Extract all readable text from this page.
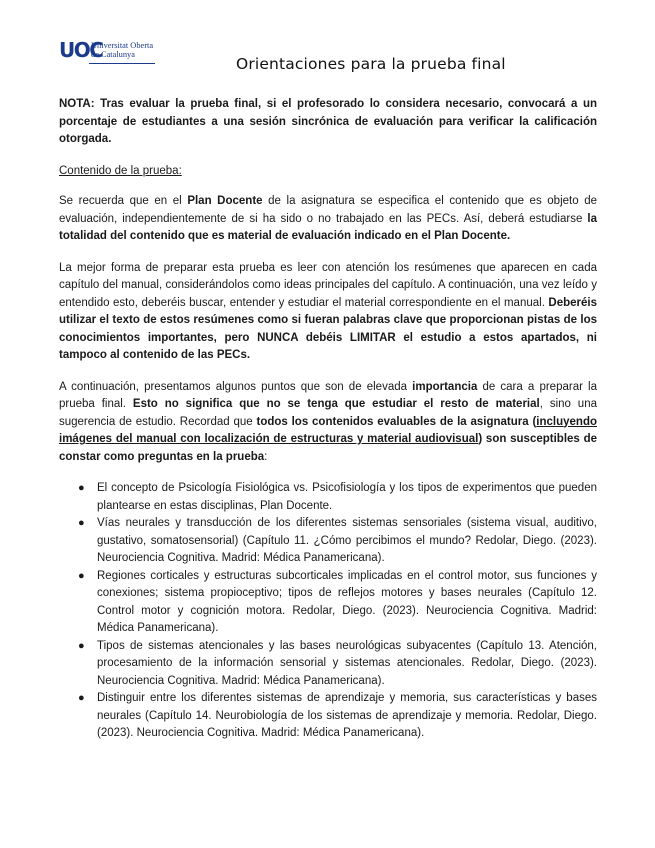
UOC
Universitat Oberta
de Catalunya
Orientaciones para la prueba final

NOTA: Tras evaluar la prueba final, si el profesorado lo considera necesario, convocará a un porcentaje de estudiantes a una sesión sincrónica de evaluación para verificar la calificación otorgada.

Contenido de la prueba:

Se recuerda que en el Plan Docente de la asignatura se especifica el contenido que es objeto de evaluación, independientemente de si ha sido o no trabajado en las PECs. Así, deberá estudiarse la totalidad del contenido que es material de evaluación indicado en el Plan Docente.

La mejor forma de preparar esta prueba es leer con atención los resúmenes que aparecen en cada capítulo del manual, considerándolos como ideas principales del capítulo. A continuación, una vez leído y entendido esto, deberéis buscar, entender y estudiar el material correspondiente en el manual. Deberéis utilizar el texto de estos resúmenes como si fueran palabras clave que proporcionan pistas de los conocimientos importantes, pero NUNCA debéis LIMITAR el estudio a estos apartados, ni tampoco al contenido de las PECs.

A continuación, presentamos algunos puntos que son de elevada importancia de cara a preparar la prueba final. Esto no significa que no se tenga que estudiar el resto de material, sino una sugerencia de estudio. Recordad que todos los contenidos evaluables de la asignatura (incluyendo imágenes del manual con localización de estructuras y material audiovisual) son susceptibles de constar como preguntas en la prueba:

● El concepto de Psicología Fisiológica vs. Psicofisiología y los tipos de experimentos que pueden plantearse en estas disciplinas, Plan Docente.
● Vías neurales y transducción de los diferentes sistemas sensoriales (sistema visual, auditivo, gustativo, somatosensorial) (Capítulo 11. ¿Cómo percibimos el mundo? Redolar, Diego. (2023). Neurociencia Cognitiva. Madrid: Médica Panamericana).
● Regiones corticales y estructuras subcorticales implicadas en el control motor, sus funciones y conexiones; sistema propioceptivo; tipos de reflejos motores y bases neurales (Capítulo 12. Control motor y cognición motora. Redolar, Diego. (2023). Neurociencia Cognitiva. Madrid: Médica Panamericana).
● Tipos de sistemas atencionales y las bases neurológicas subyacentes (Capítulo 13. Atención, procesamiento de la información sensorial y sistemas atencionales. Redolar, Diego. (2023). Neurociencia Cognitiva. Madrid: Médica Panamericana).
● Distinguir entre los diferentes sistemas de aprendizaje y memoria, sus características y bases neurales (Capítulo 14. Neurobiología de los sistemas de aprendizaje y memoria. Redolar, Diego. (2023). Neurociencia Cognitiva. Madrid: Médica Panamericana).
